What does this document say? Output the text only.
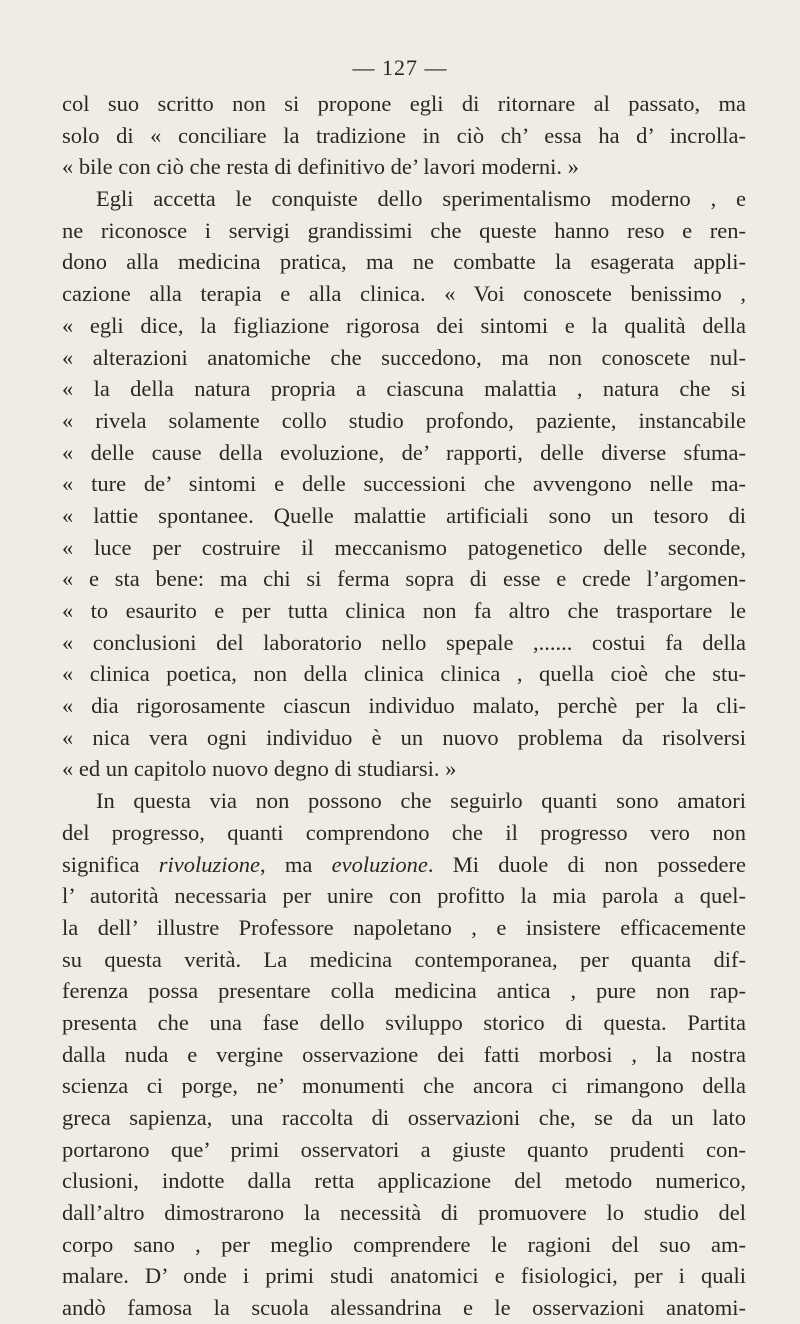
— 127 —
col suo scritto non si propone egli di ritornare al passato, ma
solo di « conciliare la tradizione in ciò ch’ essa ha d’ incrolla-
« bile con ciò che resta di definitivo de’ lavori moderni. »
Egli accetta le conquiste dello sperimentalismo moderno , e
ne riconosce i servigi grandissimi che queste hanno reso e ren-
dono alla medicina pratica, ma ne combatte la esagerata appli-
cazione alla terapia e alla clinica. « Voi conoscete benissimo ,
« egli dice, la figliazione rigorosa dei sintomi e la qualità della
« alterazioni anatomiche che succedono, ma non conoscete nul-
« la della natura propria a ciascuna malattia , natura che si
« rivela solamente collo studio profondo, paziente, instancabile
« delle cause della evoluzione, de’ rapporti, delle diverse sfuma-
« ture de’ sintomi e delle successioni che avvengono nelle ma-
« lattie spontanee. Quelle malattie artificiali sono un tesoro di
« luce per costruire il meccanismo patogenetico delle seconde,
« e sta bene: ma chi si ferma sopra di esse e crede l’argomen-
« to esaurito e per tutta clinica non fa altro che trasportare le
« conclusioni del laboratorio nello spepale ,...... costui fa della
« clinica poetica, non della clinica clinica , quella cioè che stu-
« dia rigorosamente ciascun individuo malato, perchè per la cli-
« nica vera ogni individuo è un nuovo problema da risolversi
« ed un capitolo nuovo degno di studiarsi. »
In questa via non possono che seguirlo quanti sono amatori
del progresso, quanti comprendono che il progresso vero non
significa rivoluzione, ma evoluzione. Mi duole di non possedere
l’ autorità necessaria per unire con profitto la mia parola a quel-
la dell’ illustre Professore napoletano , e insistere efficacemente
su questa verità. La medicina contemporanea, per quanta dif-
ferenza possa presentare colla medicina antica , pure non rap-
presenta che una fase dello sviluppo storico di questa. Partita
dalla nuda e vergine osservazione dei fatti morbosi , la nostra
scienza ci porge, ne’ monumenti che ancora ci rimangono della
greca sapienza, una raccolta di osservazioni che, se da un lato
portarono que’ primi osservatori a giuste quanto prudenti con-
clusioni, indotte dalla retta applicazione del metodo numerico,
dall’altro dimostrarono la necessità di promuovere lo studio del
corpo sano , per meglio comprendere le ragioni del suo am-
malare. D’ onde i primi studi anatomici e fisiologici, per i quali
andò famosa la scuola alessandrina e le osservazioni anatomi-
